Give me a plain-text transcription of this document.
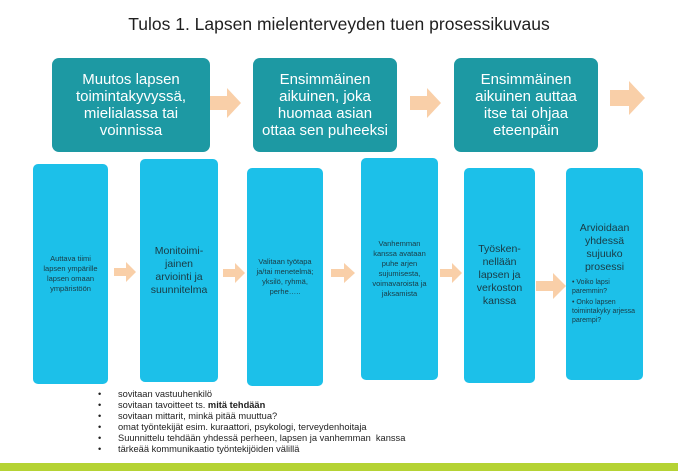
Tulos 1. Lapsen mielenterveyden tuen prosessikuvaus
Muutos lapsen toimintakyvyssä, mielialassa tai voinnissa
Ensimmäinen aikuinen, joka huomaa asian ottaa sen puheeksi
Ensimmäinen aikuinen auttaa itse tai ohjaa eteenpäin
Auttava tiimi lapsen ympärille lapsen omaan ympäristöön
Monitoimi-jainen arviointi ja suunnitelma
Valitaan työtapa ja/tai menetelmä; yksilö, ryhmä, perhe…..
Vanhemman kanssa avataan puhe arjen sujumisesta, voimavaroista ja jaksamista
Työsken-nellään lapsen ja verkoston kanssa
Arvioidaan yhdessä sujuuko prosessi
• Voiko lapsi paremmin?
• Onko lapsen toimintakyky arjessa parempi?
• sovitaan vastuuhenkilö
• sovitaan tavoitteet ts. mitä tehdään
• sovitaan mittarit, minkä pitää muuttua?
• omat työntekijät esim. kuraattori, psykologi, terveydenhoitaja
• Suunnittelu tehdään yhdessä perheen, lapsen ja vanhemman  kanssa
• tärkeää kommunikaatio työntekijöiden välillä
